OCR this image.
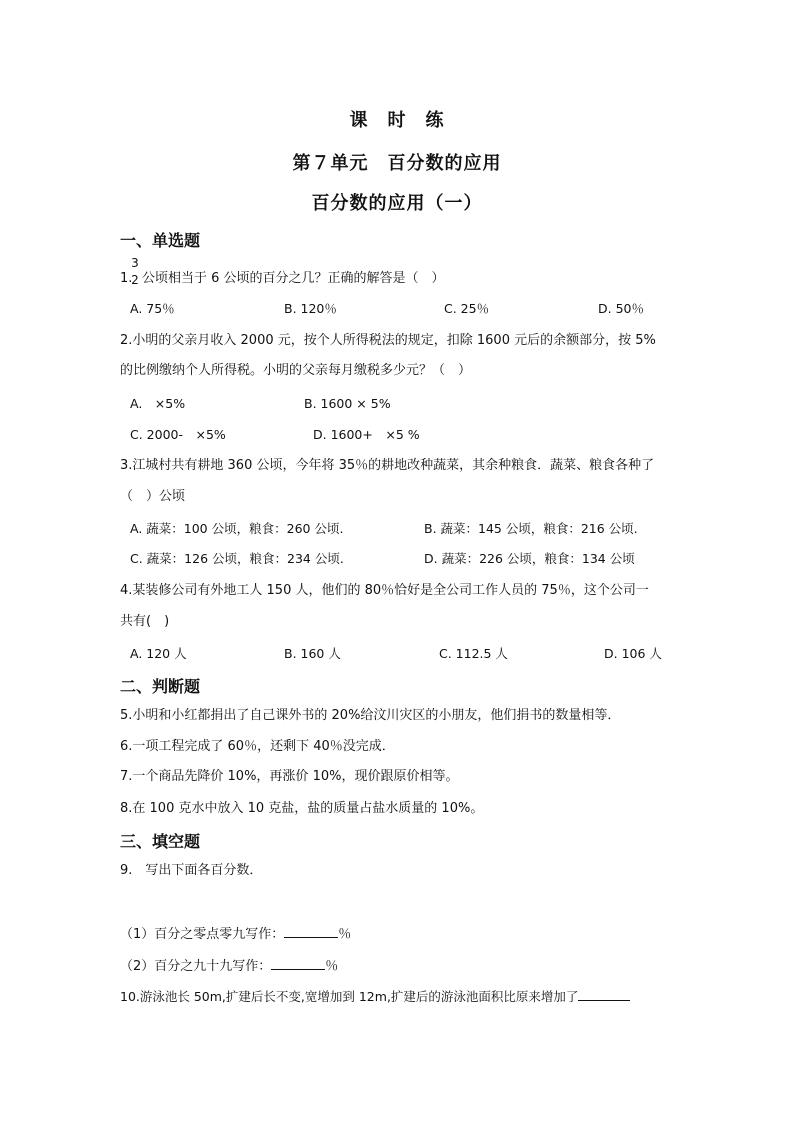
课　时　练
第７单元　百分数的应用
百分数的应用（一）
一、单选题
1.
3
2 公顷相当于 6 公顷的百分之几？正确的解答是（　）
A. 75％	B. 120％	C. 25％	D. 50％
2.小明的父亲月收入 2000 元，按个人所得税法的规定，扣除 1600 元后的余额部分，按 5%
的比例缴纳个人所得税。小明的父亲每月缴税多少元？（　）
A.　×5%	B. 1600 × 5%
C. 2000-　×5%	D. 1600+　×5 %
3.江城村共有耕地 360 公顷，今年将 35％的耕地改种蔬菜，其余种粮食．蔬菜、粮食各种了
（　）公顷
A. 蔬菜：100 公顷，粮食：260 公顷.	B. 蔬菜：145 公顷，粮食：216 公顷.
C. 蔬菜：126 公顷，粮食：234 公顷.	D. 蔬菜：226 公顷，粮食：134 公顷
4.某装修公司有外地工人 150 人，他们的 80％恰好是全公司工作人员的 75％，这个公司一
共有(　)
A. 120 人	B. 160 人	C. 112.5 人	D. 106 人
二、判断题
5.小明和小红都捐出了自己课外书的 20%给汶川灾区的小朋友，他们捐书的数量相等．
6.一项工程完成了 60％，还剩下 40％没完成．
7.一个商品先降价 10%，再涨价 10%，现价跟原价相等。
8.在 100 克水中放入 10 克盐，盐的质量占盐水质量的 10%。
三、填空题
9.　写出下面各百分数．
（1）百分之零点零九写作：	％
（2）百分之九十九写作：	％
10.游泳池长 50m,扩建后长不变,宽增加到 12m,扩建后的游泳池面积比原来增加了
